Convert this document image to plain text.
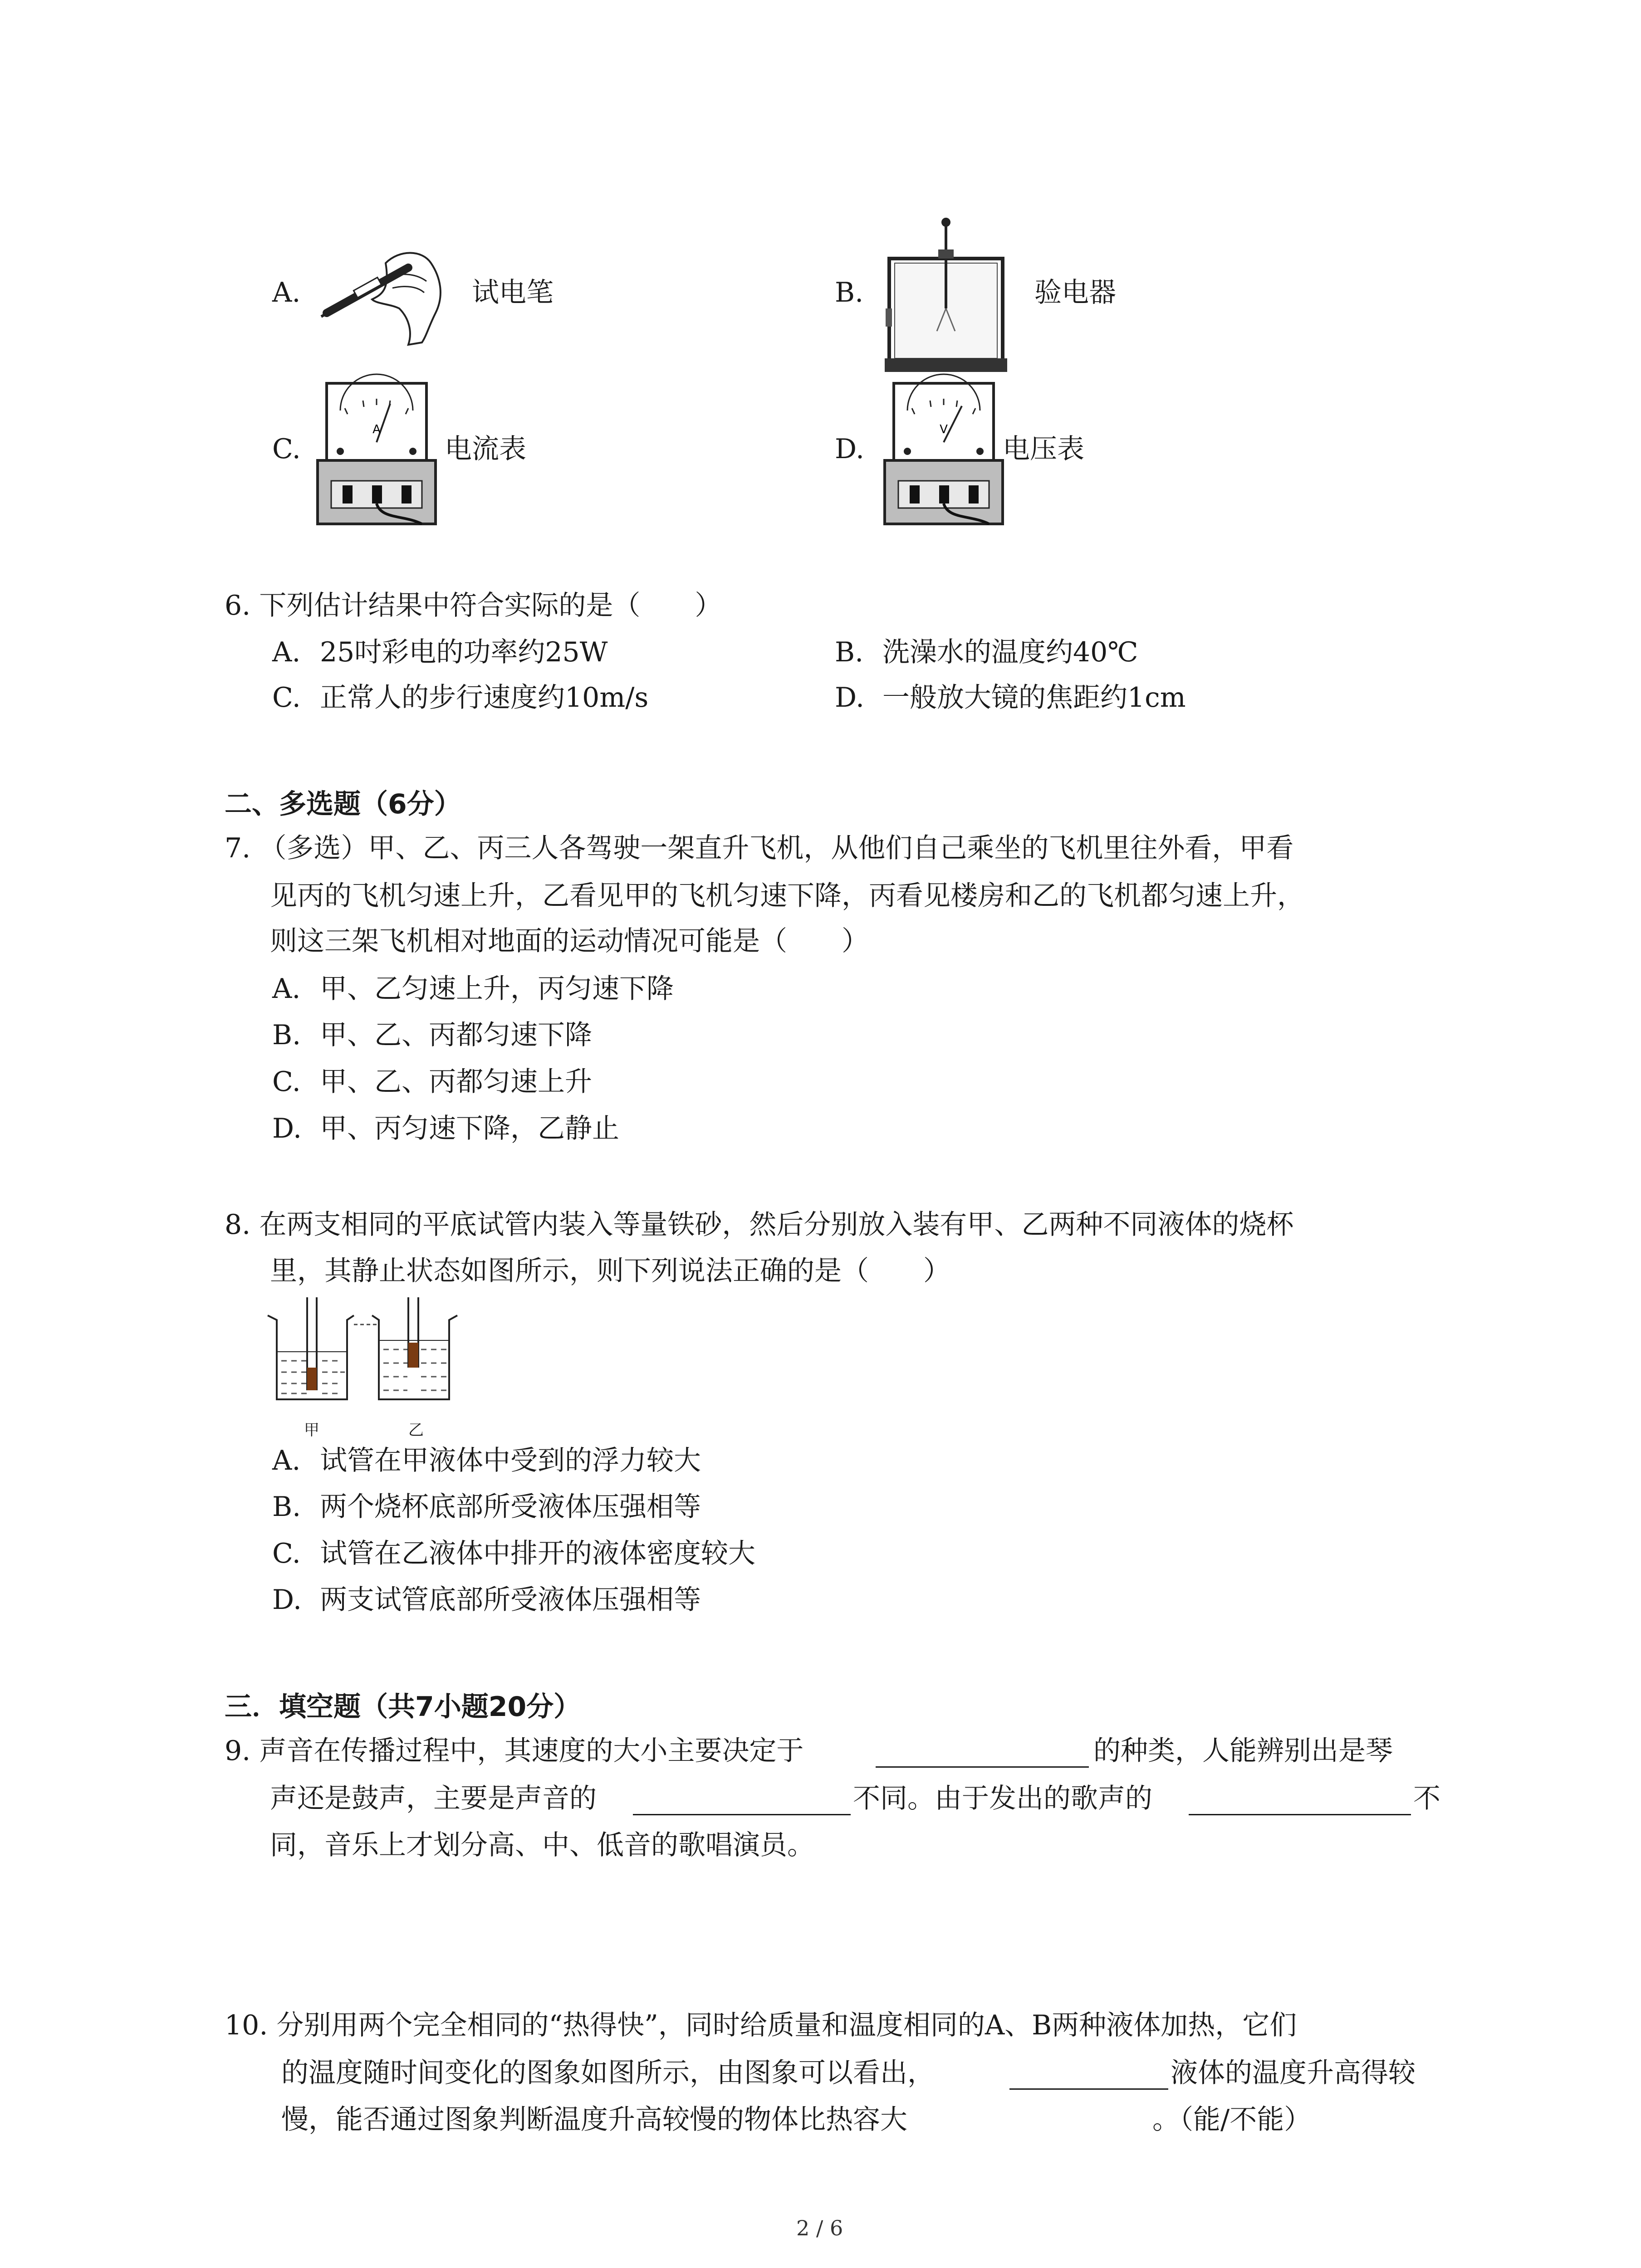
A.	试电笔	B.	验电器
C.
A
电流表	D.
V
电压表
6. 下列估计结果中符合实际的是（　　）
A. 25吋彩电的功率约25W	B. 洗澡水的温度约40℃
C. 正常人的步行速度约10m/s	D. 一般放大镜的焦距约1cm
二、多选题（6分）
7. （多选）甲、乙、丙三人各驾驶一架直升飞机，从他们自己乘坐的飞机里往外看，甲看
见丙的飞机匀速上升，乙看见甲的飞机匀速下降，丙看见楼房和乙的飞机都匀速上升，
则这三架飞机相对地面的运动情况可能是（　　）
A. 甲、乙匀速上升，丙匀速下降
B. 甲、乙、丙都匀速下降
C. 甲、乙、丙都匀速上升
D. 甲、丙匀速下降，乙静止
8. 在两支相同的平底试管内装入等量铁砂，然后分别放入装有甲、乙两种不同液体的烧杯
里，其静止状态如图所示，则下列说法正确的是（　　）
甲	乙
A. 试管在甲液体中受到的浮力较大
B. 两个烧杯底部所受液体压强相等
C. 试管在乙液体中排开的液体密度较大
D. 两支试管底部所受液体压强相等
三．填空题（共7小题20分）
9. 声音在传播过程中，其速度的大小主要决定于	的种类，人能辨别出是琴
声还是鼓声，主要是声音的	不同。由于发出的歌声的	不
同，音乐上才划分高、中、低音的歌唱演员。
10. 分别用两个完全相同的“热得快”，同时给质量和温度相同的A、B两种液体加热，它们
的温度随时间变化的图象如图所示，由图象可以看出，	液体的温度升高得较
慢，能否通过图象判断温度升高较慢的物体比热容大	。（能/不能）
2 / 6
